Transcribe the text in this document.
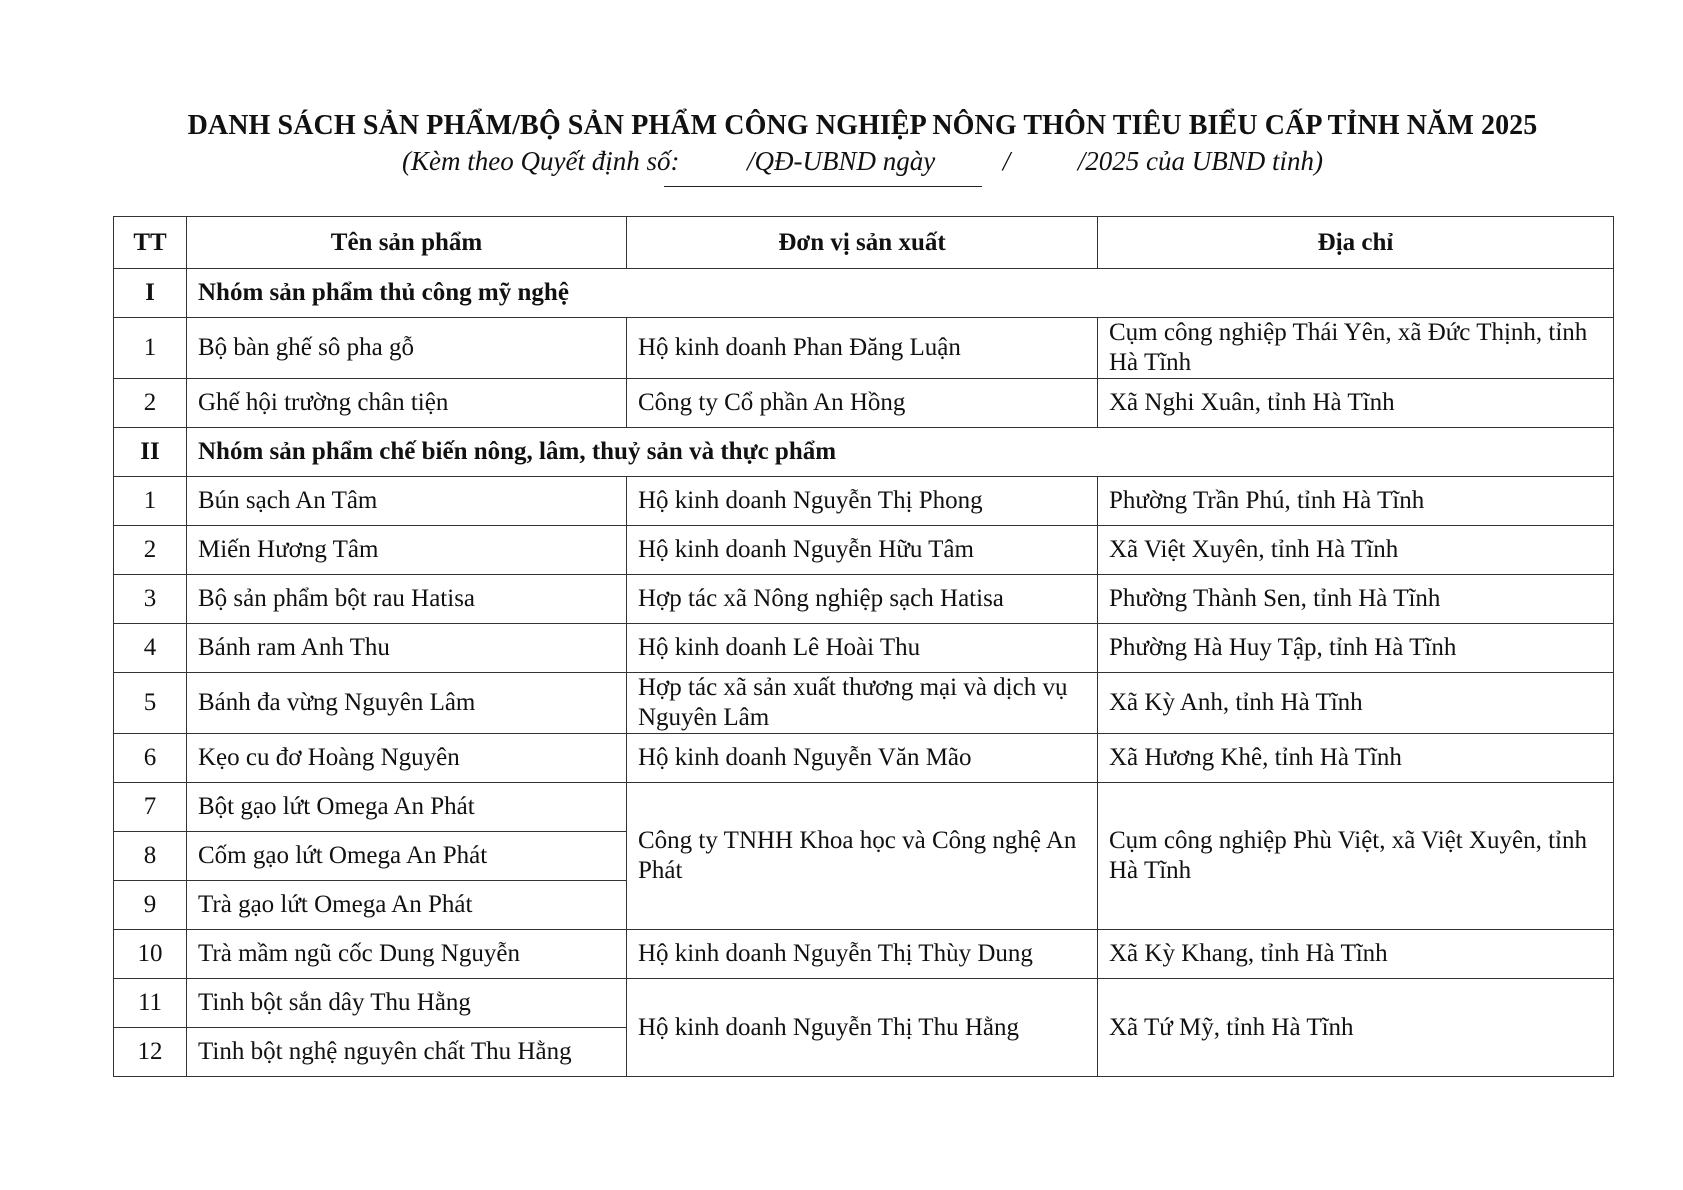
DANH SÁCH SẢN PHẨM/BỘ SẢN PHẨM CÔNG NGHIỆP NÔNG THÔN TIÊU BIỂU CẤP TỈNH NĂM 2025
(Kèm theo Quyết định số:          /QĐ-UBND ngày          /          /2025 của UBND tỉnh)
TT	Tên sản phẩm	Đơn vị sản xuất	Địa chỉ
I	Nhóm sản phẩm thủ công mỹ nghệ		
1	Bộ bàn ghế sô pha gỗ	Hộ kinh doanh Phan Đăng Luận	Cụm công nghiệp Thái Yên, xã Đức Thịnh, tỉnh Hà Tĩnh
2	Ghế hội trường chân tiện	Công ty Cổ phần An Hồng	Xã Nghi Xuân, tỉnh Hà Tĩnh
II	Nhóm sản phẩm chế biến nông, lâm, thuỷ sản và thực phẩm		
1	Bún sạch An Tâm	Hộ kinh doanh Nguyễn Thị Phong	Phường Trần Phú, tỉnh Hà Tĩnh
2	Miến Hương Tâm	Hộ kinh doanh Nguyễn Hữu Tâm	Xã Việt Xuyên, tỉnh Hà Tĩnh
3	Bộ sản phẩm bột rau Hatisa	Hợp tác xã Nông nghiệp sạch Hatisa	Phường Thành Sen, tỉnh Hà Tĩnh
4	Bánh ram Anh Thu	Hộ kinh doanh Lê Hoài Thu	Phường Hà Huy Tập, tỉnh Hà Tĩnh
5	Bánh đa vừng Nguyên Lâm	Hợp tác xã sản xuất thương mại và dịch vụ Nguyên Lâm	Xã Kỳ Anh, tỉnh Hà Tĩnh
6	Kẹo cu đơ Hoàng Nguyên	Hộ kinh doanh Nguyễn Văn Mão	Xã Hương Khê, tỉnh Hà Tĩnh
7	Bột gạo lứt Omega An Phát	Công ty TNHH Khoa học và Công nghệ An Phát	Cụm công nghiệp Phù Việt, xã Việt Xuyên, tỉnh Hà Tĩnh
8	Cốm gạo lứt Omega An Phát		
9	Trà gạo lứt Omega An Phát		
10	Trà mầm ngũ cốc Dung Nguyễn	Hộ kinh doanh Nguyễn Thị Thùy Dung	Xã Kỳ Khang, tỉnh Hà Tĩnh
11	Tinh bột sắn dây Thu Hằng	Hộ kinh doanh Nguyễn Thị Thu Hằng	Xã Tứ Mỹ, tỉnh Hà Tĩnh
12	Tinh bột nghệ nguyên chất Thu Hằng		
